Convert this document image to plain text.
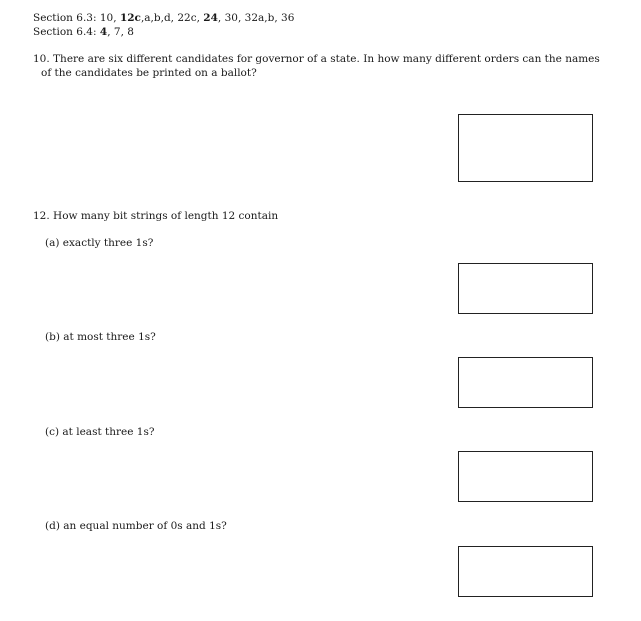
Section 6.3: 10, 12c,a,b,d, 22c, 24, 30, 32a,b, 36
Section 6.4: 4, 7, 8
10. There are six different candidates for governor of a state. In how many different orders can the names
of the candidates be printed on a ballot?
12. How many bit strings of length 12 contain
(a) exactly three 1s?
(b) at most three 1s?
(c) at least three 1s?
(d) an equal number of 0s and 1s?
